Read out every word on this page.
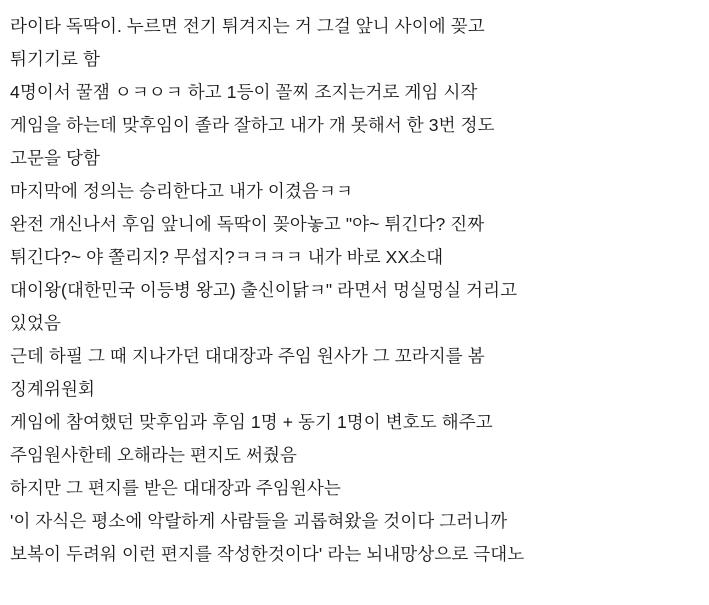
라이타 독딱이. 누르면 전기 튀겨지는 거 그걸 앞니 사이에 꽂고
튀기기로 함
4명이서 꿀잼 ㅇㅋㅇㅋ 하고 1등이 꼴찌 조지는거로 게임 시작
게임을 하는데 맞후임이 졸라 잘하고 내가 개 못해서 한 3번 정도
고문을 당함
마지막에 정의는 승리한다고 내가 이겼음ㅋㅋ
완전 개신나서 후임 앞니에 독딱이 꽂아놓고 "야~ 튀긴다? 진짜
튀긴다?~ 야 쫄리지? 무섭지?ㅋㅋㅋㅋ 내가 바로 XX소대
대이왕(대한민국 이등병 왕고) 출신이닭ㅋ" 라면서 멍실멍실 거리고
있었음
근데 하필 그 때 지나가던 대대장과 주임 원사가 그 꼬라지를 봄
징계위원회
게임에 참여했던 맞후임과 후임 1명 + 동기 1명이 변호도 해주고
주임원사한테 오해라는 편지도 써줬음
하지만 그 편지를 받은 대대장과 주임원사는
'이 자식은 평소에 악랄하게 사람들을 괴롭혀왔을 것이다 그러니까
보복이 두려워 이런 편지를 작성한것이다' 라는 뇌내망상으로 극대노
